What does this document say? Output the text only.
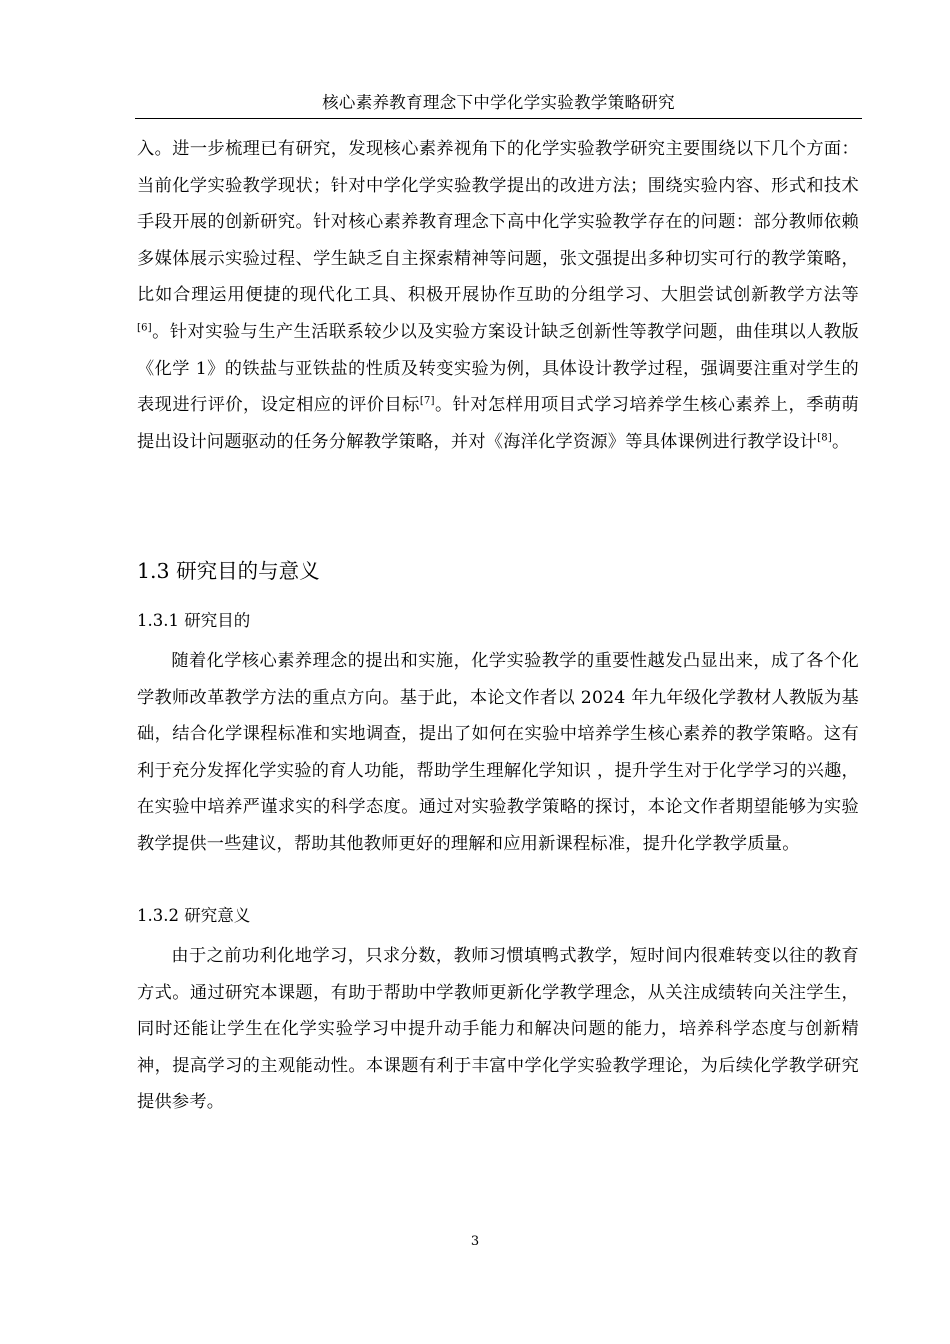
核心素养教育理念下中学化学实验教学策略研究

入。进一步梳理已有研究，发现核心素养视角下的化学实验教学研究主要围绕以下几个方面：当前化学实验教学现状；针对中学化学实验教学提出的改进方法；围绕实验内容、形式和技术手段开展的创新研究。针对核心素养教育理念下高中化学实验教学存在的问题：部分教师依赖多媒体展示实验过程、学生缺乏自主探索精神等问题，张文强提出多种切实可行的教学策略，比如合理运用便捷的现代化工具、积极开展协作互助的分组学习、大胆尝试创新教学方法等[6]。针对实验与生产生活联系较少以及实验方案设计缺乏创新性等教学问题，曲佳琪以人教版《化学 1》的铁盐与亚铁盐的性质及转变实验为例，具体设计教学过程，强调要注重对学生的表现进行评价，设定相应的评价目标[7]。针对怎样用项目式学习培养学生核心素养上，季萌萌提出设计问题驱动的任务分解教学策略，并对《海洋化学资源》等具体课例进行教学设计[8]。

1.3 研究目的与意义
1.3.1 研究目的

随着化学核心素养理念的提出和实施，化学实验教学的重要性越发凸显出来，成了各个化学教师改革教学方法的重点方向。基于此，本论文作者以 2024 年九年级化学教材人教版为基础，结合化学课程标准和实地调查，提出了如何在实验中培养学生核心素养的教学策略。这有利于充分发挥化学实验的育人功能，帮助学生理解化学知识 ，提升学生对于化学学习的兴趣，在实验中培养严谨求实的科学态度。通过对实验教学策略的探讨，本论文作者期望能够为实验教学提供一些建议，帮助其他教师更好的理解和应用新课程标准，提升化学教学质量。

1.3.2 研究意义

由于之前功利化地学习，只求分数，教师习惯填鸭式教学，短时间内很难转变以往的教育方式。通过研究本课题，有助于帮助中学教师更新化学教学理念，从关注成绩转向关注学生，同时还能让学生在化学实验学习中提升动手能力和解决问题的能力，培养科学态度与创新精神，提高学习的主观能动性。本课题有利于丰富中学化学实验教学理论，为后续化学教学研究提供参考。

3
